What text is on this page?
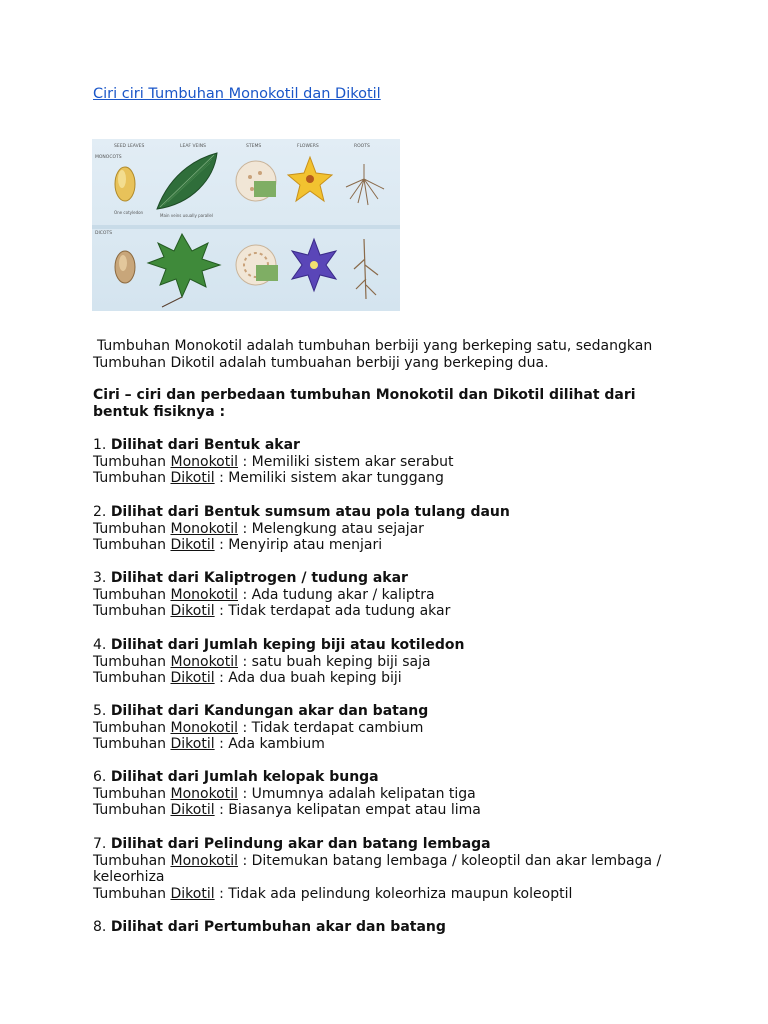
Ciri ciri Tumbuhan Monokotil dan Dikotil
SEED LEAVES	LEAF VEINS	STEMS	FLOWERS	ROOTS
MONOCOTS
DICOTS
One cotyledon
Main veins usually parallel
Tumbuhan Monokotil adalah tumbuhan berbiji yang berkeping satu, sedangkan
Tumbuhan Dikotil adalah tumbuahan berbiji yang berkeping dua.
Ciri – ciri dan perbedaan tumbuhan Monokotil dan Dikotil dilihat dari
bentuk fisiknya :
1. Dilihat dari Bentuk akar
Tumbuhan Monokotil : Memiliki sistem akar serabut
Tumbuhan Dikotil : Memiliki sistem akar tunggang
2. Dilihat dari Bentuk sumsum atau pola tulang daun
Tumbuhan Monokotil : Melengkung atau sejajar
Tumbuhan Dikotil : Menyirip atau menjari
3. Dilihat dari Kaliptrogen / tudung akar
Tumbuhan Monokotil : Ada tudung akar / kaliptra
Tumbuhan Dikotil : Tidak terdapat ada tudung akar
4. Dilihat dari Jumlah keping biji atau kotiledon
Tumbuhan Monokotil : satu buah keping biji saja
Tumbuhan Dikotil : Ada dua buah keping biji
5. Dilihat dari Kandungan akar dan batang
Tumbuhan Monokotil : Tidak terdapat cambium
Tumbuhan Dikotil : Ada kambium
6. Dilihat dari Jumlah kelopak bunga
Tumbuhan Monokotil : Umumnya adalah kelipatan tiga
Tumbuhan Dikotil : Biasanya kelipatan empat atau lima
7. Dilihat dari Pelindung akar dan batang lembaga
Tumbuhan Monokotil : Ditemukan batang lembaga / koleoptil dan akar lembaga /
keleorhiza
Tumbuhan Dikotil : Tidak ada pelindung koleorhiza maupun koleoptil
8. Dilihat dari Pertumbuhan akar dan batang
